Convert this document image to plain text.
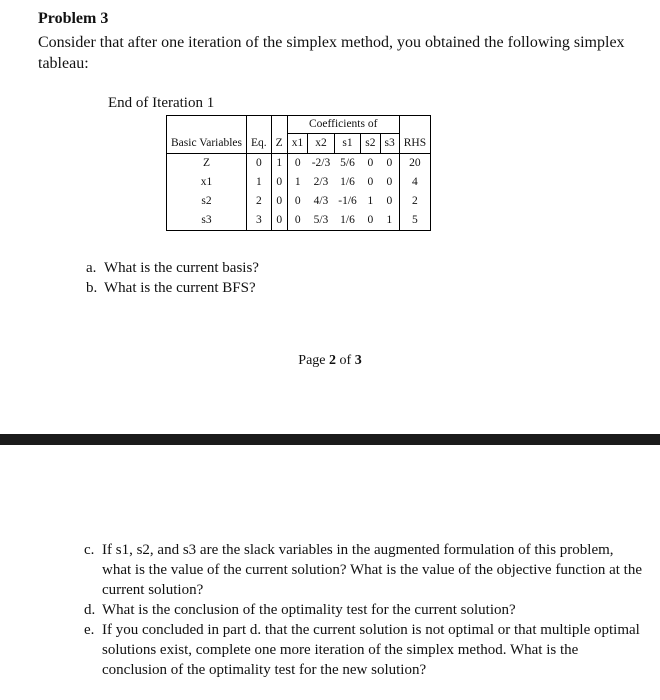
Problem 3
Consider that after one iteration of the simplex method, you obtained the following simplex tableau:
End of Iteration 1
			Coefficients of					
Basic Variables	Eq.	Z	x1	x2	s1	s2	s3	RHS
Z	0	1	0	-2/3	5/6	0	0	20
x1	1	0	1	2/3	1/6	0	0	4
s2	2	0	0	4/3	-1/6	1	0	2
s3	3	0	0	5/3	1/6	0	1	5
a. What is the current basis?
b. What is the current BFS?
Page 2 of 3
c. If s1, s2, and s3 are the slack variables in the augmented formulation of this problem, what is the value of the current solution? What is the value of the objective function at the current solution?
d. What is the conclusion of the optimality test for the current solution?
e. If you concluded in part d. that the current solution is not optimal or that multiple optimal solutions exist, complete one more iteration of the simplex method. What is the conclusion of the optimality test for the new solution?
